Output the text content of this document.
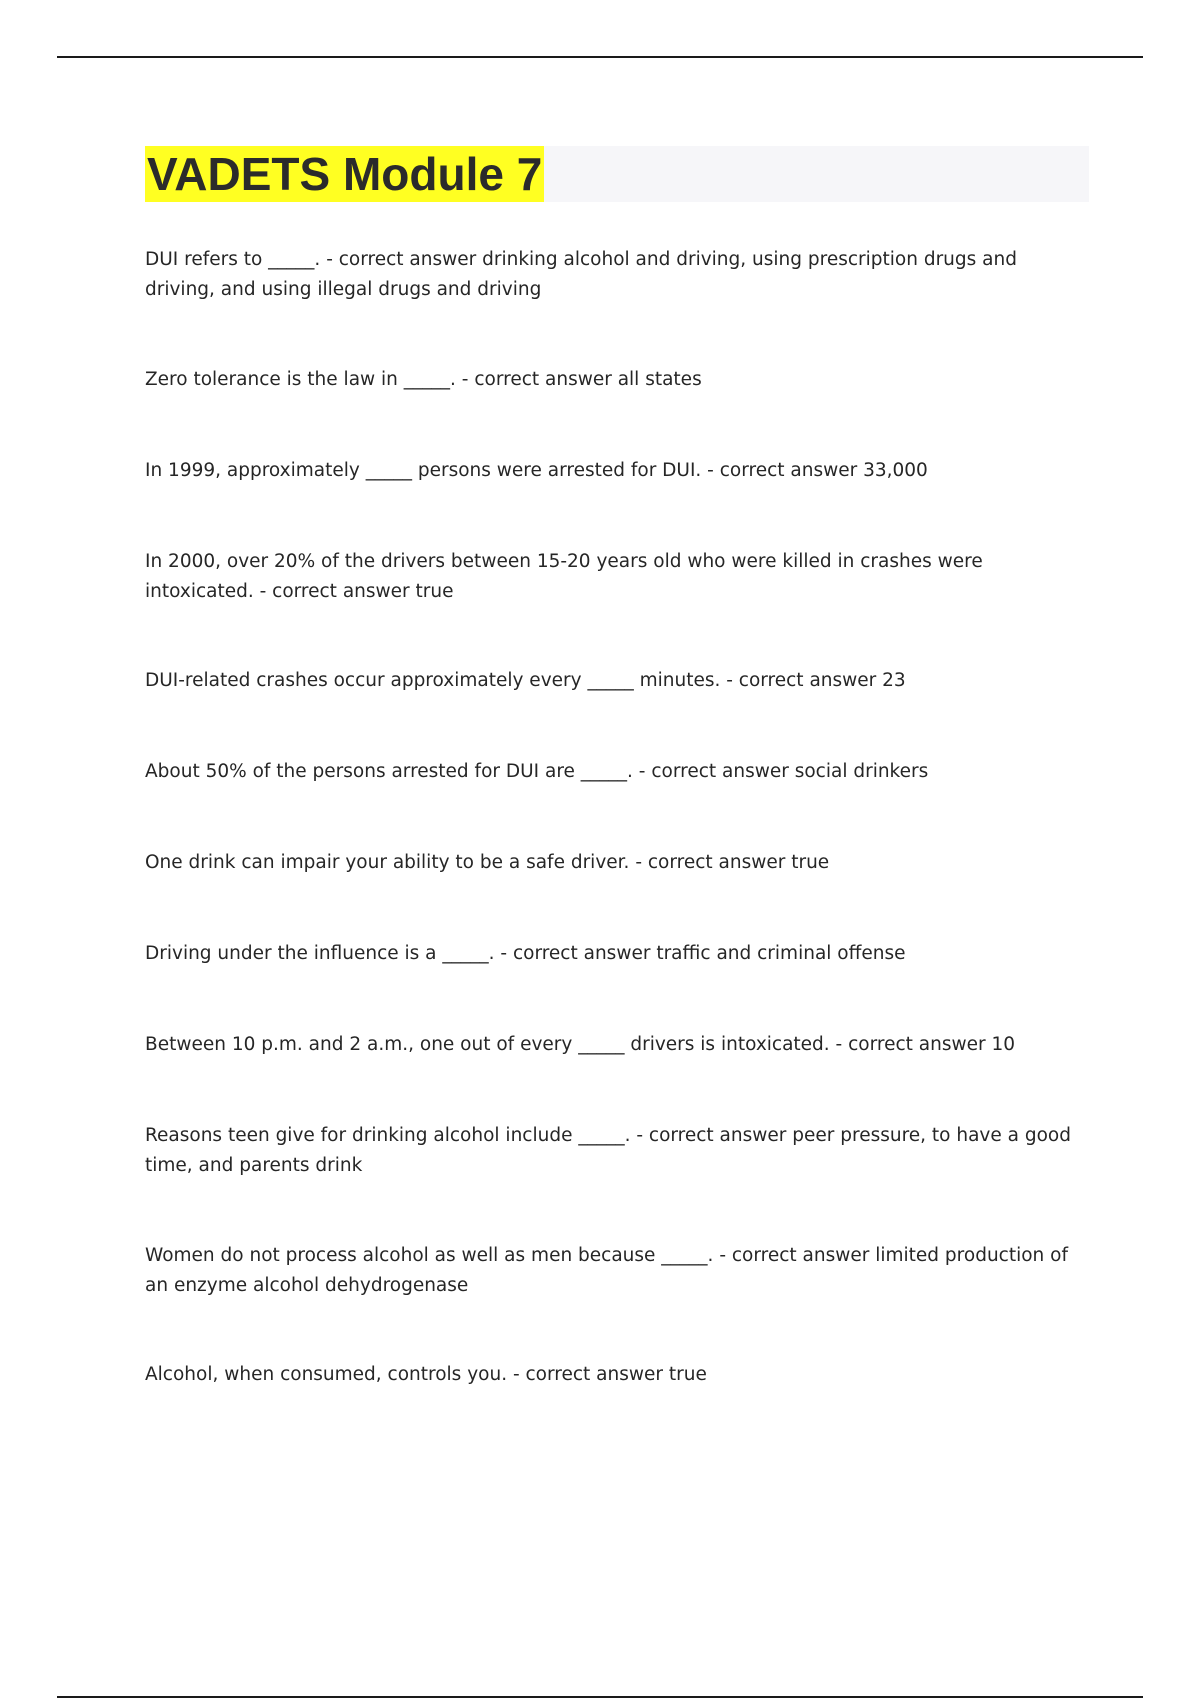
VADETS Module 7

DUI refers to _____. - correct answer drinking alcohol and driving, using prescription drugs and driving, and using illegal drugs and driving

Zero tolerance is the law in _____. - correct answer all states

In 1999, approximately _____ persons were arrested for DUI. - correct answer 33,000

In 2000, over 20% of the drivers between 15-20 years old who were killed in crashes were intoxicated. - correct answer true

DUI-related crashes occur approximately every _____ minutes. - correct answer 23

About 50% of the persons arrested for DUI are _____. - correct answer social drinkers

One drink can impair your ability to be a safe driver. - correct answer true

Driving under the influence is a _____. - correct answer traffic and criminal offense

Between 10 p.m. and 2 a.m., one out of every _____ drivers is intoxicated. - correct answer 10

Reasons teen give for drinking alcohol include _____. - correct answer peer pressure, to have a good time, and parents drink

Women do not process alcohol as well as men because _____. - correct answer limited production of an enzyme alcohol dehydrogenase

Alcohol, when consumed, controls you. - correct answer true
